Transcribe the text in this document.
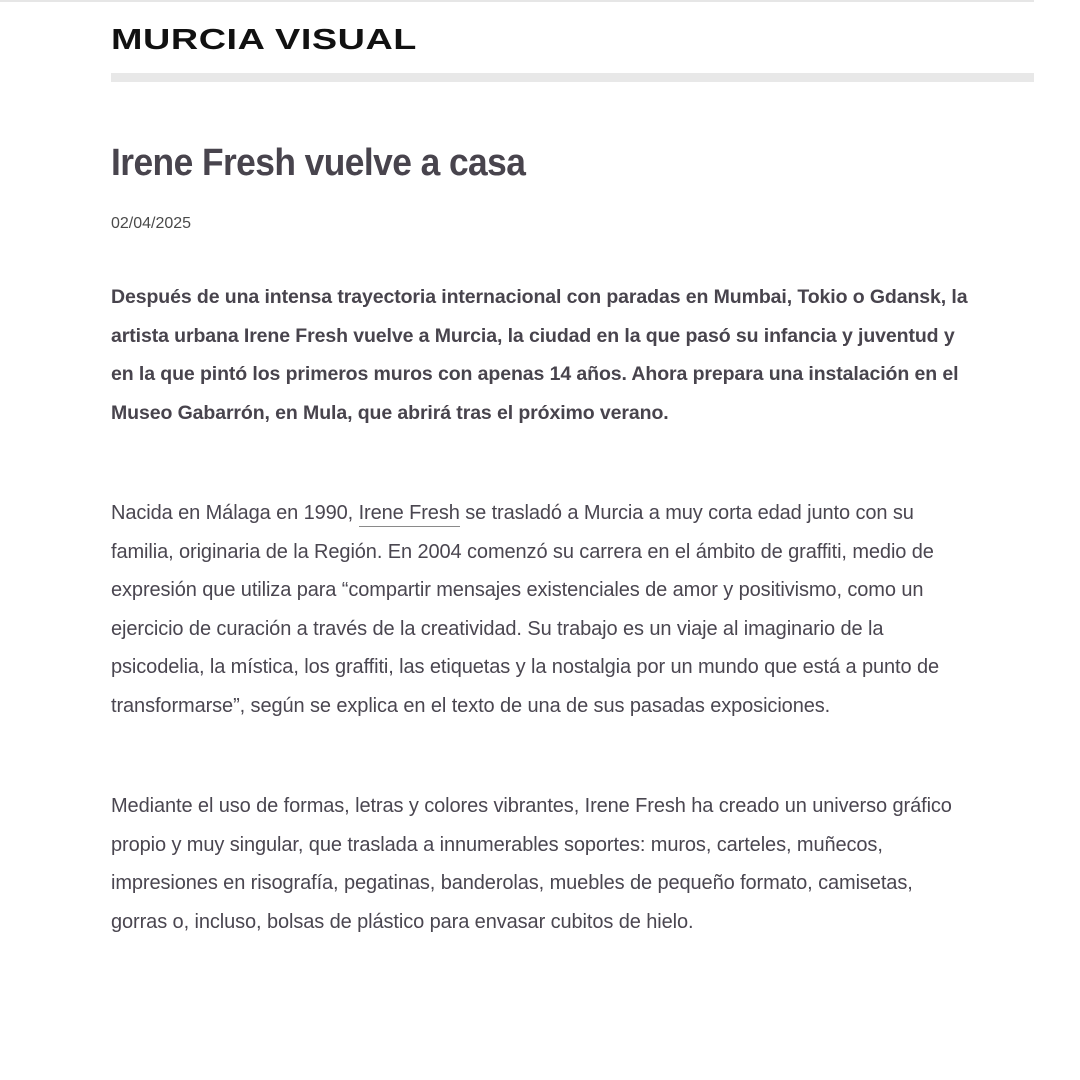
MURCIA VISUAL
Irene Fresh vuelve a casa
02/04/2025

Después de una intensa trayectoria internacional con paradas en Mumbai, Tokio o Gdansk, la artista urbana Irene Fresh vuelve a Murcia, la ciudad en la que pasó su infancia y juventud y en la que pintó los primeros muros con apenas 14 años. Ahora prepara una instalación en el Museo Gabarrón, en Mula, que abrirá tras el próximo verano.

Nacida en Málaga en 1990, Irene Fresh se trasladó a Murcia a muy corta edad junto con su familia, originaria de la Región. En 2004 comenzó su carrera en el ámbito de graffiti, medio de expresión que utiliza para “compartir mensajes existenciales de amor y positivismo, como un ejercicio de curación a través de la creatividad. Su trabajo es un viaje al imaginario de la psicodelia, la mística, los graffiti, las etiquetas y la nostalgia por un mundo que está a punto de transformarse”, según se explica en el texto de una de sus pasadas exposiciones.

Mediante el uso de formas, letras y colores vibrantes, Irene Fresh ha creado un universo gráfico propio y muy singular, que traslada a innumerables soportes: muros, carteles, muñecos, impresiones en risografía, pegatinas, banderolas, muebles de pequeño formato, camisetas, gorras o, incluso, bolsas de plástico para envasar cubitos de hielo.
